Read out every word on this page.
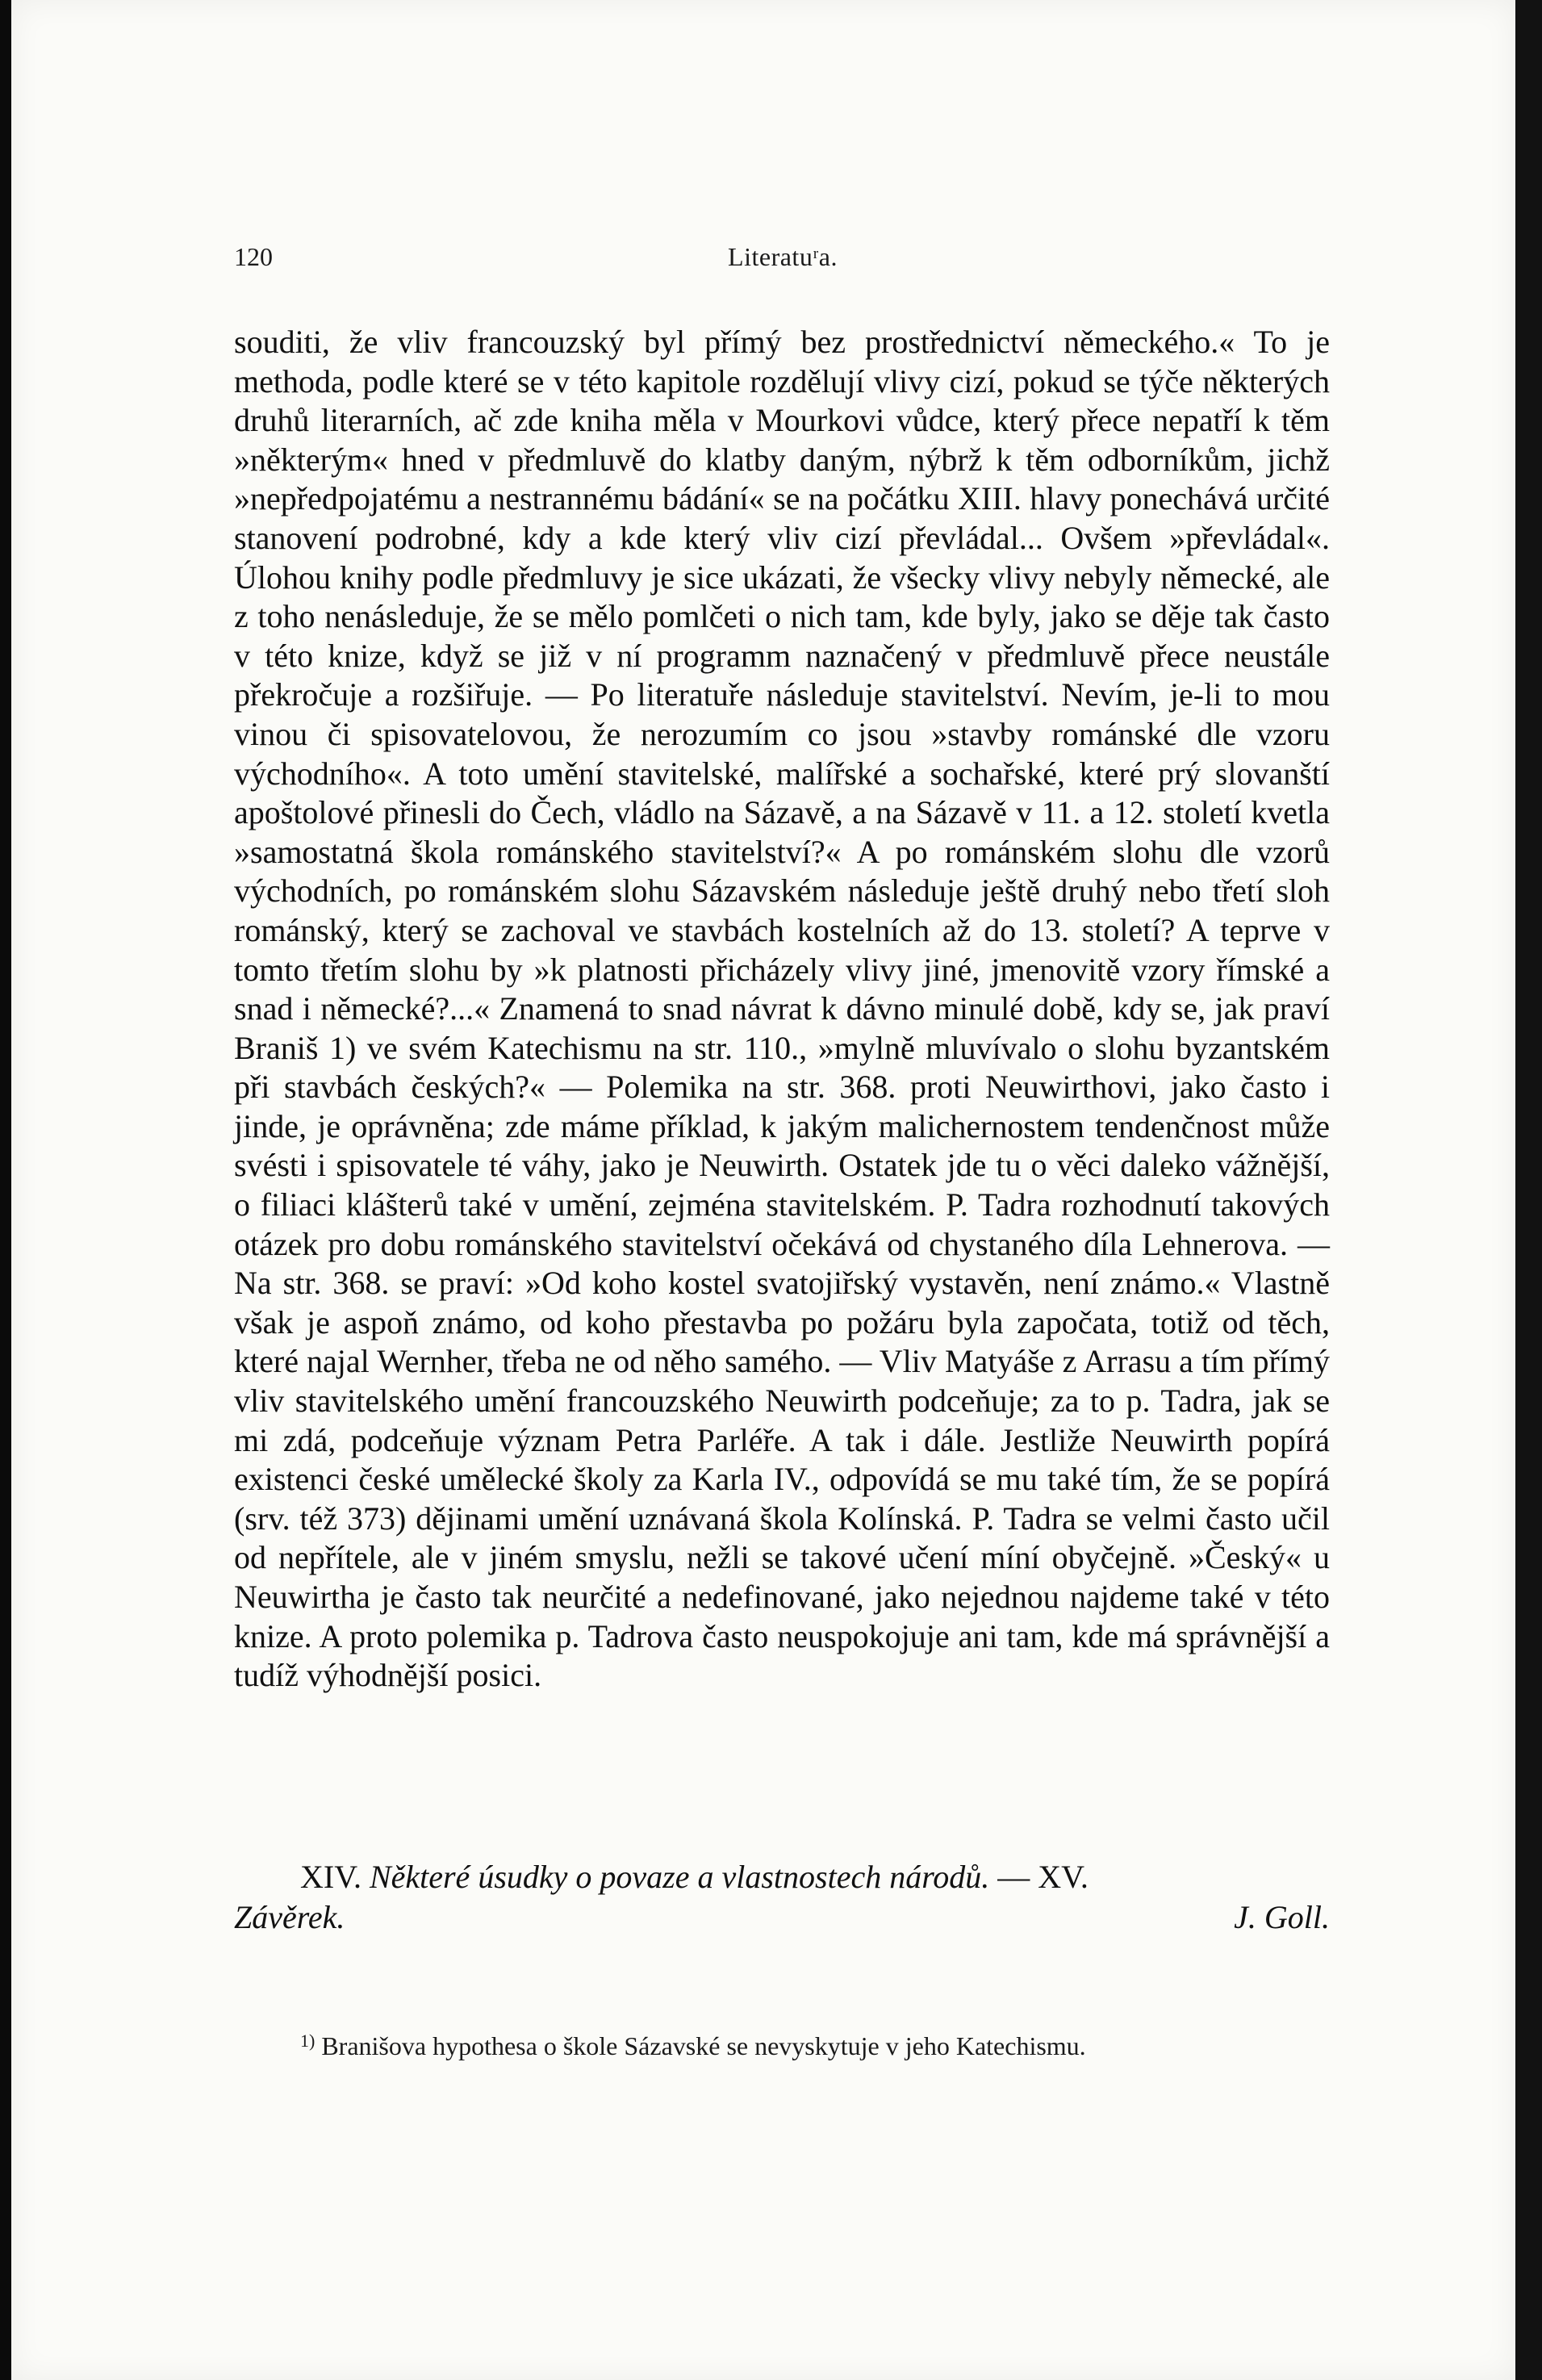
120	Literatuʳa.

souditi, že vliv francouzský byl přímý bez prostřednictví německého.« To je methoda, podle které se v této kapitole rozdělují vlivy cizí, pokud se týče některých druhů literarních, ač zde kniha měla v Mourkovi vůdce, který přece nepatří k těm »některým« hned v předmluvě do klatby daným, nýbrž k těm odborníkům, jichž »nepředpojatému a nestrannému bádání« se na počátku XIII. hlavy ponechává určité stanovení podrobné, kdy a kde který vliv cizí převládal... Ovšem »převládal«. Úlohou knihy podle předmluvy je sice ukázati, že všecky vlivy nebyly německé, ale z toho nenásleduje, že se mělo pomlčeti o nich tam, kde byly, jako se děje tak často v této knize, když se již v ní programm naznačený v předmluvě přece neustále překročuje a rozšiřuje. — Po literatuře následuje stavitelství. Nevím, je-li to mou vinou či spisovatelovou, že nerozumím co jsou »stavby románské dle vzoru východního«. A toto umění stavitelské, malířské a sochařské, které prý slovanští apoštolové přinesli do Čech, vládlo na Sázavě, a na Sázavě v 11. a 12. století kvetla »samostatná škola románského stavitelství?« A po románském slohu dle vzorů východních, po románském slohu Sázavském následuje ještě druhý nebo třetí sloh románský, který se zachoval ve stavbách kostelních až do 13. století? A teprve v tomto třetím slohu by »k platnosti přicházely vlivy jiné, jmenovitě vzory římské a snad i německé?...« Znamená to snad návrat k dávno minulé době, kdy se, jak praví Braniš 1) ve svém Katechismu na str. 110., »mylně mluvívalo o slohu byzantském při stavbách českých?« — Polemika na str. 368. proti Neuwirthovi, jako často i jinde, je oprávněna; zde máme příklad, k jakým malichernostem tendenčnost může svésti i spisovatele té váhy, jako je Neuwirth. Ostatek jde tu o věci daleko vážnější, o filiaci klášterů také v umění, zejména stavitelském. P. Tadra rozhodnutí takových otázek pro dobu románského stavitelství očekává od chystaného díla Lehnerova. — Na str. 368. se praví: »Od koho kostel svatojiřský vystavěn, není známo.« Vlastně však je aspoň známo, od koho přestavba po požáru byla započata, totiž od těch, které najal Wernher, třeba ne od něho samého. — Vliv Matyáše z Arrasu a tím přímý vliv stavitelského umění francouzského Neuwirth podceňuje; za to p. Tadra, jak se mi zdá, podceňuje význam Petra Parléře. A tak i dále. Jestliže Neuwirth popírá existenci české umělecké školy za Karla IV., odpovídá se mu také tím, že se popírá (srv. též 373) dějinami umění uznávaná škola Kolínská. P. Tadra se velmi často učil od nepřítele, ale v jiném smyslu, nežli se takové učení míní obyčejně. »Český« u Neuwirtha je často tak neurčité a nedefinované, jako nejednou najdeme také v této knize. A proto polemika p. Tadrova často neuspokojuje ani tam, kde má správnější a tudíž výhodnější posici.

XIV. Některé úsudky o povaze a vlastnostech národů. — XV.
Závěrek.	J. Goll.
$^{1)}$ Branišova hypothesa o škole Sázavské se nevyskytuje v jeho Katechismu.
